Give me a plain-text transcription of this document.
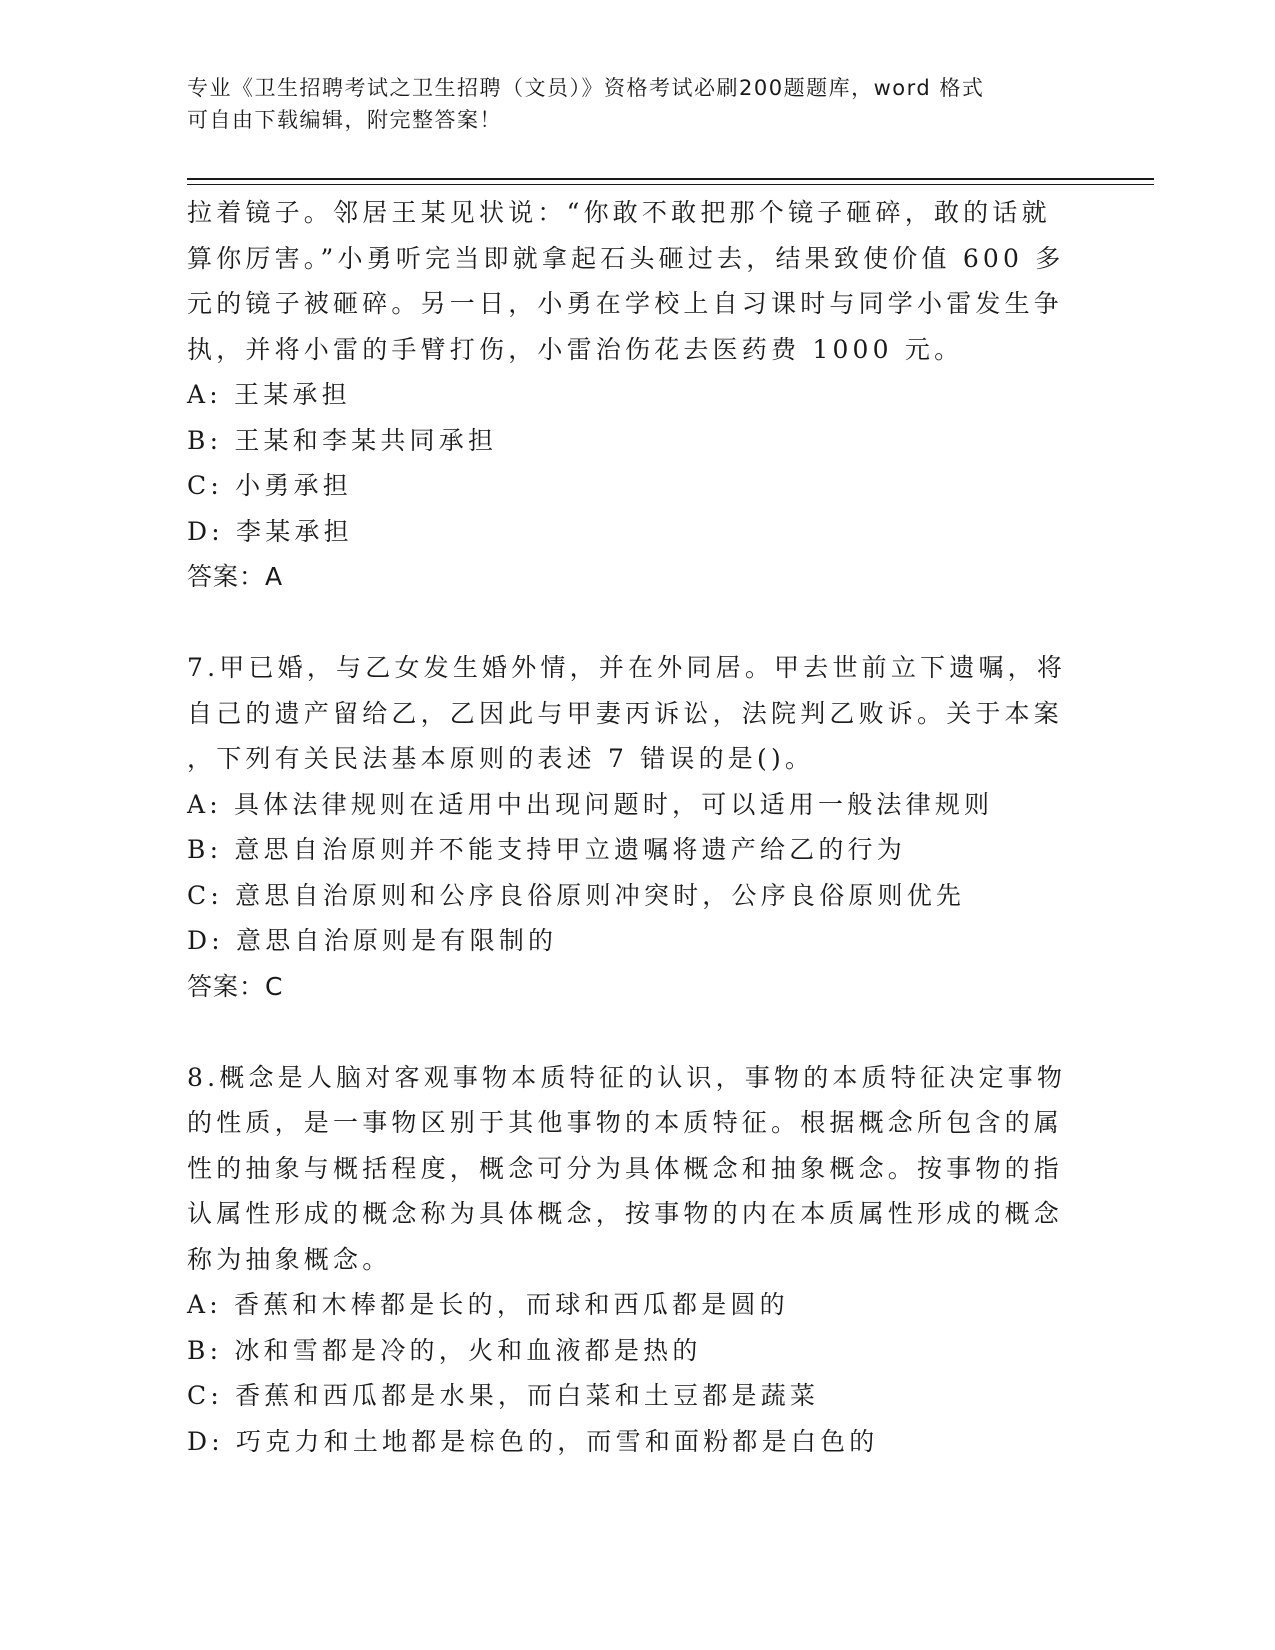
专业《卫生招聘考试之卫生招聘（文员）》资格考试必刷200题题库，word 格式
可自由下载编辑，附完整答案！
拉着镜子。邻居王某见状说：“你敢不敢把那个镜子砸碎，敢的话就
算你厉害。”小勇听完当即就拿起石头砸过去，结果致使价值 600 多
元的镜子被砸碎。另一日，小勇在学校上自习课时与同学小雷发生争
执，并将小雷的手臂打伤，小雷治伤花去医药费 1000 元。
A: 王某承担
B: 王某和李某共同承担
C: 小勇承担
D: 李某承担
答案：A
7.甲已婚，与乙女发生婚外情，并在外同居。甲去世前立下遗嘱，将
自己的遗产留给乙，乙因此与甲妻丙诉讼，法院判乙败诉。关于本案
，下列有关民法基本原则的表述 7 错误的是()。
A: 具体法律规则在适用中出现问题时，可以适用一般法律规则
B: 意思自治原则并不能支持甲立遗嘱将遗产给乙的行为
C: 意思自治原则和公序良俗原则冲突时，公序良俗原则优先
D: 意思自治原则是有限制的
答案：C
8.概念是人脑对客观事物本质特征的认识，事物的本质特征决定事物
的性质，是一事物区别于其他事物的本质特征。根据概念所包含的属
性的抽象与概括程度，概念可分为具体概念和抽象概念。按事物的指
认属性形成的概念称为具体概念，按事物的内在本质属性形成的概念
称为抽象概念。
A: 香蕉和木棒都是长的，而球和西瓜都是圆的
B: 冰和雪都是冷的，火和血液都是热的
C: 香蕉和西瓜都是水果，而白菜和土豆都是蔬菜
D: 巧克力和土地都是棕色的，而雪和面粉都是白色的
